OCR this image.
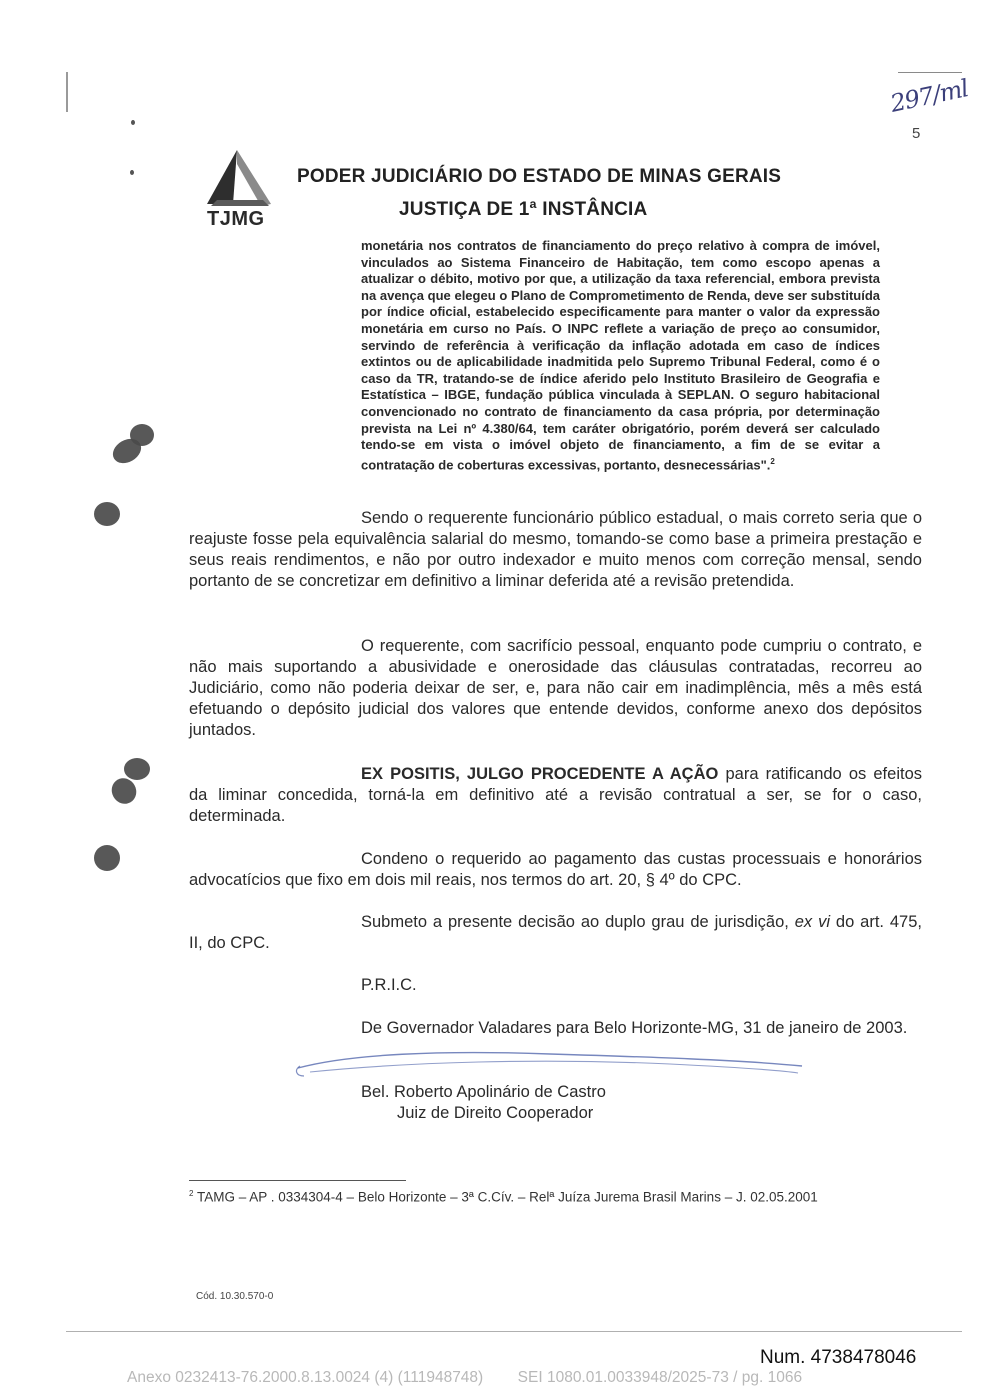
297/ml
5
TJMG
PODER JUDICIÁRIO DO ESTADO DE MINAS GERAIS
JUSTIÇA DE 1ª INSTÂNCIA
monetária nos contratos de financiamento do preço relativo à compra de imóvel, vinculados ao Sistema Financeiro de Habitação, tem como escopo apenas a atualizar o débito, motivo por que, a utilização da taxa referencial, embora prevista na avença que elegeu o Plano de Comprometimento de Renda, deve ser substituída por índice oficial, estabelecido especificamente para manter o valor da expressão monetária em curso no País. O INPC reflete a variação de preço ao consumidor, servindo de referência à verificação da inflação adotada em caso de índices extintos ou de aplicabilidade inadmitida pelo Supremo Tribunal Federal, como é o caso da TR, tratando-se de índice aferido pelo Instituto Brasileiro de Geografia e Estatística – IBGE, fundação pública vinculada à SEPLAN. O seguro habitacional convencionado no contrato de financiamento da casa própria, por determinação prevista na Lei nº 4.380/64, tem caráter obrigatório, porém deverá ser calculado tendo-se em vista o imóvel objeto de financiamento, a fim de se evitar a contratação de coberturas excessivas, portanto, desnecessárias".$^2$
Sendo o requerente funcionário público estadual, o mais correto seria que o reajuste fosse pela equivalência salarial do mesmo, tomando-se como base a primeira prestação e seus reais rendimentos, e não por outro indexador e muito menos com correção mensal, sendo portanto de se concretizar em definitivo a liminar deferida até a revisão pretendida.
O requerente, com sacrifício pessoal, enquanto pode cumpriu o contrato, e não mais suportando a abusividade e onerosidade das cláusulas contratadas, recorreu ao Judiciário, como não poderia deixar de ser, e, para não cair em inadimplência, mês a mês está efetuando o depósito judicial dos valores que entende devidos, conforme anexo dos depósitos juntados.
EX POSITIS, JULGO PROCEDENTE A AÇÃO para ratificando os efeitos da liminar concedida, torná-la em definitivo até a revisão contratual a ser, se for o caso, determinada.
Condeno o requerido ao pagamento das custas processuais e honorários advocatícios que fixo em dois mil reais, nos termos do art. 20, § 4º do CPC.
Submeto a presente decisão ao duplo grau de jurisdição, ex vi do art. 475, II, do CPC.
P.R.I.C.
De Governador Valadares para Belo Horizonte-MG, 31 de janeiro de 2003.
Bel. Roberto Apolinário de Castro
Juiz de Direito Cooperador
$^2$ TAMG – AP . 0334304-4 – Belo Horizonte – 3ª C.Cív. – Relª Juíza Jurema Brasil Marins – J. 02.05.2001
Cód. 10.30.570-0
Num. 4738478046
Anexo 0232413-76.2000.8.13.0024 (4) (111948748)        SEI 1080.01.0033948/2025-73 / pg. 1066
